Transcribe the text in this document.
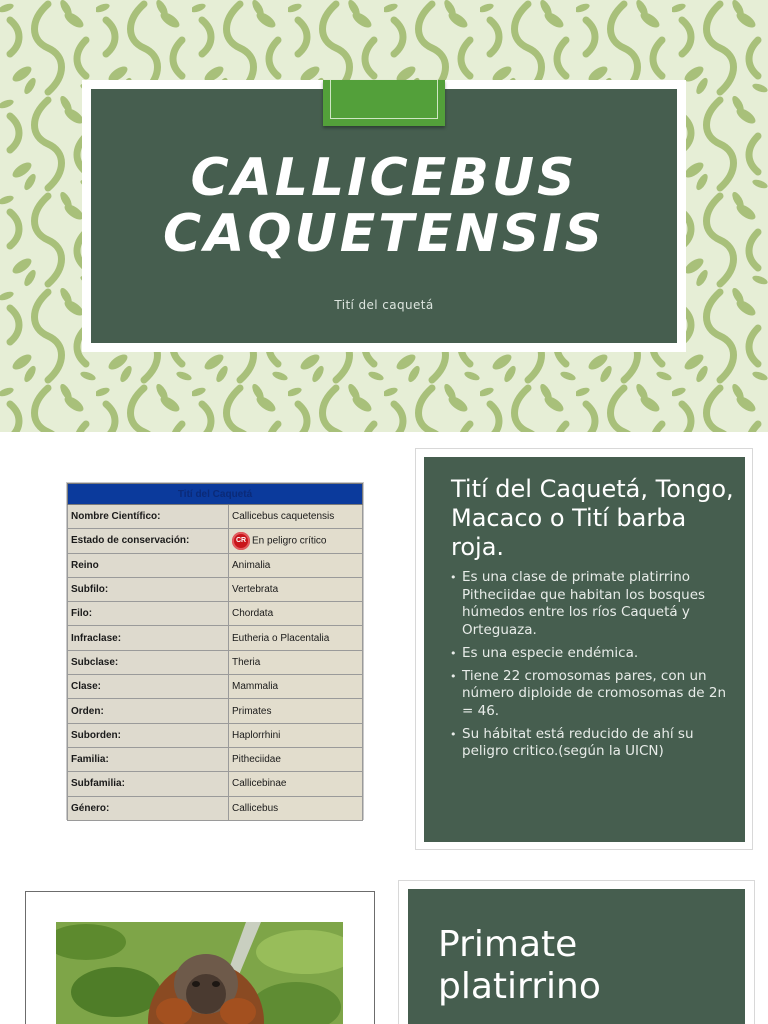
CALLICEBUS CAQUETENSIS
Tití del caquetá
Tití del Caquetá	
Nombre Científico:	Callicebus caquetensis
Estado de conservación:	CR En peligro crítico
Reino	Animalia
Subfilo:	Vertebrata
Filo:	Chordata
Infraclase:	Eutheria o Placentalia
Subclase:	Theria
Clase:	Mammalia
Orden:	Primates
Suborden:	Haplorrhini
Familia:	Pitheciidae
Subfamilia:	Callicebinae
Género:	Callicebus
Tití del Caquetá, Tongo, Macaco o Tití barba roja.
• Es una clase de primate platirrino Pitheciidae que habitan los bosques húmedos entre los ríos Caquetá y Orteguaza.
• Es una especie endémica.
• Tiene 22 cromosomas pares, con un número diploide de cromosomas de 2n = 46.
• Su hábitat está reducido de ahí su peligro critico.(según la UICN)
Primate platirrino
